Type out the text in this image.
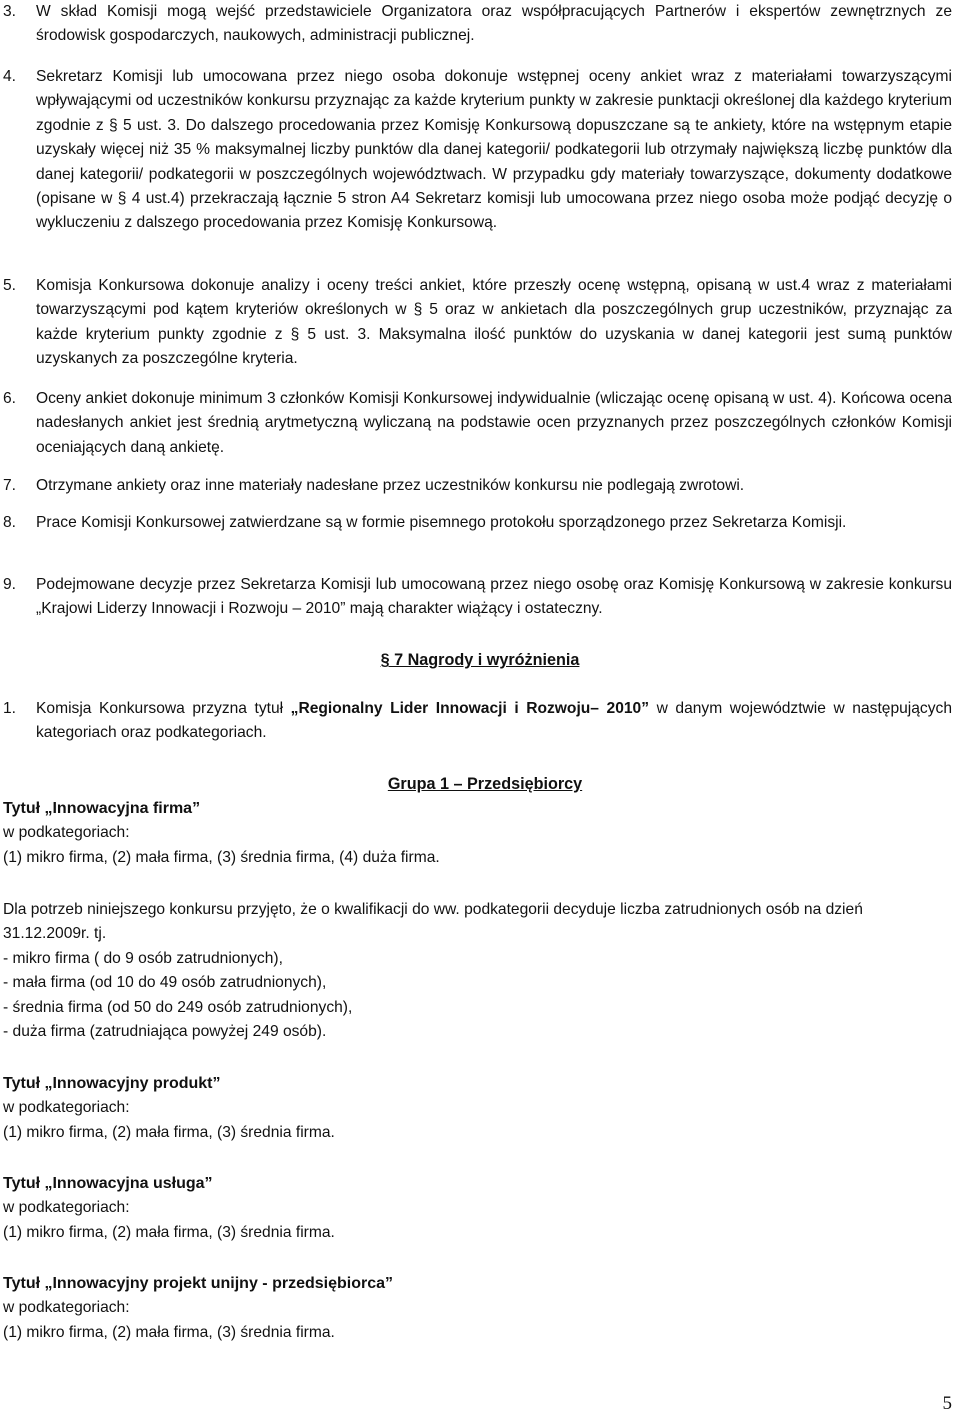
3. W skład Komisji mogą wejść przedstawiciele Organizatora oraz współpracujących Partnerów i ekspertów zewnętrznych ze środowisk gospodarczych, naukowych, administracji publicznej.
4. Sekretarz Komisji lub umocowana przez niego osoba dokonuje wstępnej oceny ankiet wraz z materiałami towarzyszącymi wpływającymi od uczestników konkursu przyznając za każde kryterium punkty w zakresie punktacji określonej dla każdego kryterium zgodnie z § 5 ust. 3. Do dalszego procedowania przez Komisję Konkursową dopuszczane są te ankiety, które na wstępnym etapie uzyskały więcej niż 35 % maksymalnej liczby punktów dla danej kategorii/ podkategorii lub otrzymały największą liczbę punktów dla danej kategorii/ podkategorii w poszczególnych województwach. W przypadku gdy materiały towarzyszące, dokumenty dodatkowe (opisane w § 4 ust.4) przekraczają łącznie 5 stron A4 Sekretarz komisji lub umocowana przez niego osoba może podjąć decyzję o wykluczeniu z dalszego procedowania przez Komisję Konkursową.
5. Komisja Konkursowa dokonuje analizy i oceny treści ankiet, które przeszły ocenę wstępną, opisaną w ust.4 wraz z materiałami towarzyszącymi pod kątem kryteriów określonych w § 5 oraz w ankietach dla poszczególnych grup uczestników, przyznając za każde kryterium punkty zgodnie z § 5 ust. 3. Maksymalna ilość punktów do uzyskania w danej kategorii jest sumą punktów uzyskanych za poszczególne kryteria.
6. Oceny ankiet dokonuje minimum 3 członków Komisji Konkursowej indywidualnie (wliczając ocenę opisaną w ust. 4). Końcowa ocena nadesłanych ankiet jest średnią arytmetyczną wyliczaną na podstawie ocen przyznanych przez poszczególnych członków Komisji oceniających daną ankietę.
7. Otrzymane ankiety oraz inne materiały nadesłane przez uczestników konkursu nie podlegają zwrotowi.
8. Prace Komisji Konkursowej zatwierdzane są w formie pisemnego protokołu sporządzonego przez Sekretarza Komisji.
9. Podejmowane decyzje przez Sekretarza Komisji lub umocowaną przez niego osobę oraz Komisję Konkursową w zakresie konkursu „Krajowi Liderzy Innowacji i Rozwoju – 2010” mają charakter wiążący i ostateczny.
§ 7 Nagrody i wyróżnienia
1. Komisja Konkursowa przyzna tytuł „Regionalny Lider Innowacji i Rozwoju– 2010” w danym województwie w następujących kategoriach oraz podkategoriach.
Grupa 1 – Przedsiębiorcy
Tytuł „Innowacyjna firma”
w podkategoriach:
(1) mikro firma, (2) mała firma, (3) średnia firma, (4) duża firma.
Dla potrzeb niniejszego konkursu przyjęto, że o kwalifikacji do ww. podkategorii decyduje liczba zatrudnionych osób na dzień 31.12.2009r. tj.
- mikro firma ( do 9 osób zatrudnionych),
- mała firma (od 10 do 49 osób zatrudnionych),
- średnia firma (od 50 do 249 osób zatrudnionych),
- duża firma (zatrudniająca powyżej 249 osób).
Tytuł „Innowacyjny produkt”
w podkategoriach:
(1) mikro firma, (2) mała firma, (3) średnia firma.
Tytuł „Innowacyjna usługa”
w podkategoriach:
(1) mikro firma, (2) mała firma, (3) średnia firma.
Tytuł „Innowacyjny projekt unijny - przedsiębiorca”
w podkategoriach:
(1) mikro firma, (2) mała firma, (3) średnia firma.
5
